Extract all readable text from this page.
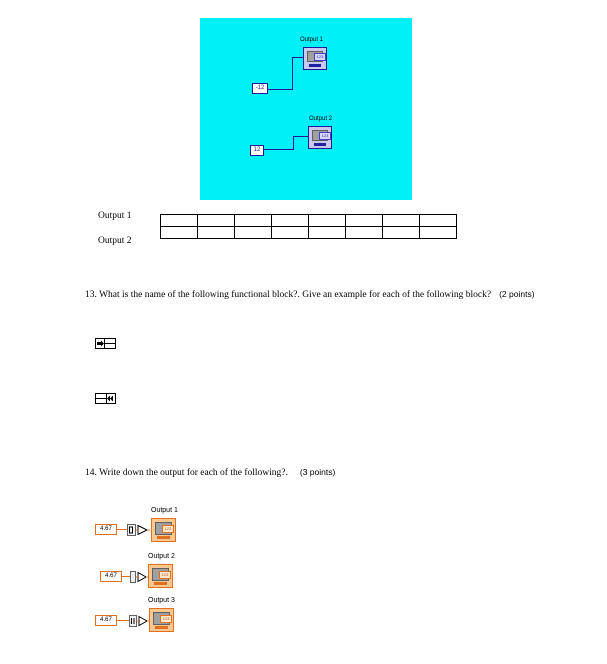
Output 1
123
-12
Output 2
123
12
Output 1
Output 2

13. What is the name of the following functional block?. Give an example for each of the following block? (2 points)
14. Write down the output for each of the following?. (3 points)
Output 1
4.67	123
Output 2
4.67	123
Output 3
4.67	123
